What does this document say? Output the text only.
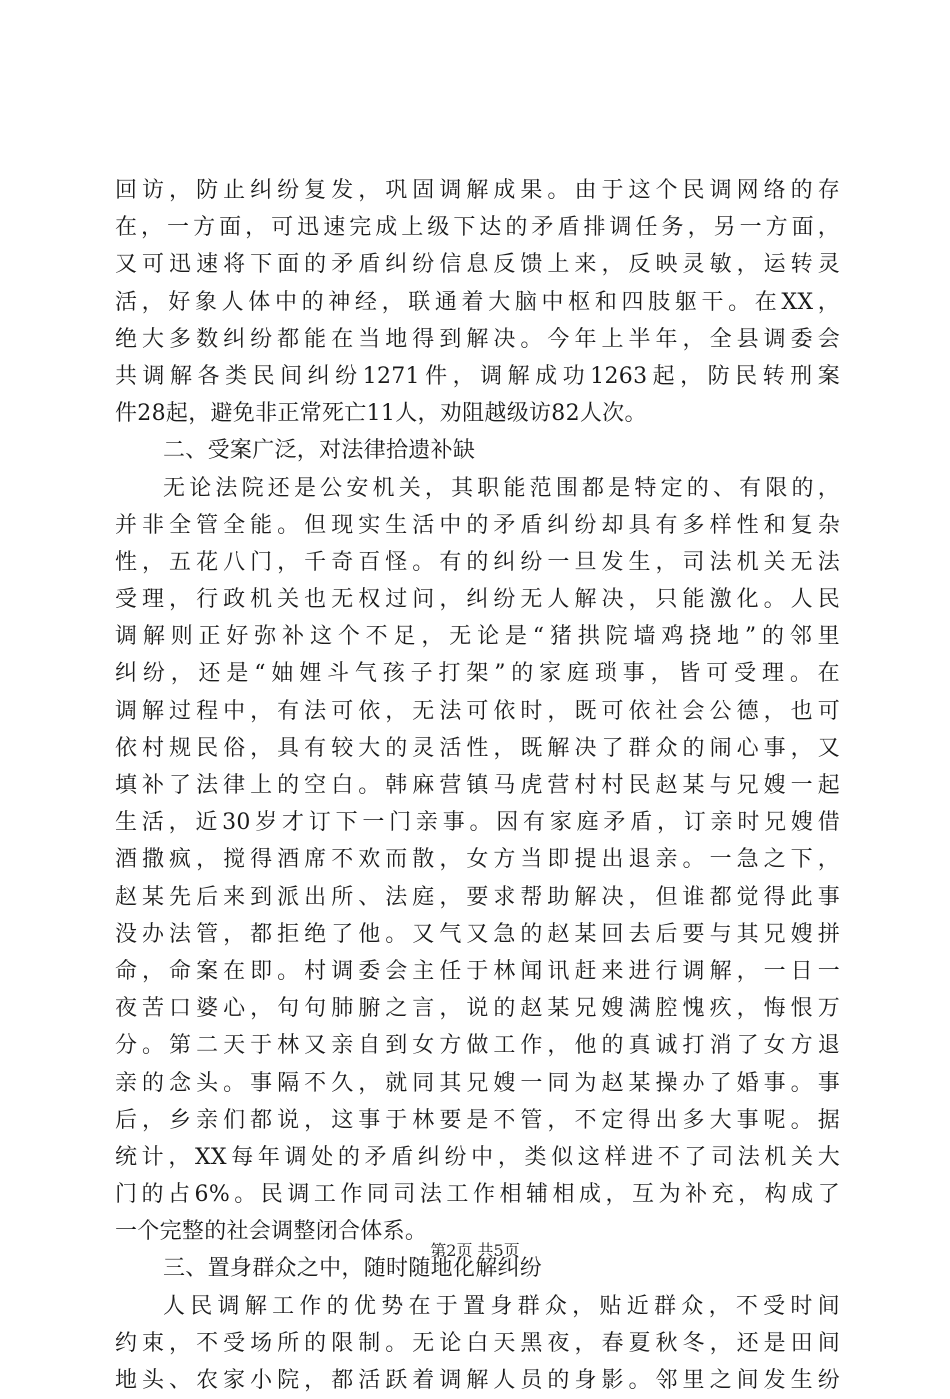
回访，防止纠纷复发，巩固调解成果。由于这个民调网络的存
在，一方面，可迅速完成上级下达的矛盾排调任务，另一方面，
又可迅速将下面的矛盾纠纷信息反馈上来，反映灵敏，运转灵
活，好象人体中的神经，联通着大脑中枢和四肢躯干。在XX，
绝大多数纠纷都能在当地得到解决。今年上半年，全县调委会
共调解各类民间纠纷1271件，调解成功1263起，防民转刑案
件28起，避免非正常死亡11人，劝阻越级访82人次。
二、受案广泛，对法律拾遗补缺
无论法院还是公安机关，其职能范围都是特定的、有限的，
并非全管全能。但现实生活中的矛盾纠纷却具有多样性和复杂
性，五花八门，千奇百怪。有的纠纷一旦发生，司法机关无法
受理，行政机关也无权过问，纠纷无人解决，只能激化。人民
调解则正好弥补这个不足，无论是“猪拱院墙鸡挠地”的邻里
纠纷，还是“妯娌斗气孩子打架”的家庭琐事，皆可受理。在
调解过程中，有法可依，无法可依时，既可依社会公德，也可
依村规民俗，具有较大的灵活性，既解决了群众的闹心事，又
填补了法律上的空白。韩麻营镇马虎营村村民赵某与兄嫂一起
生活，近30岁才订下一门亲事。因有家庭矛盾，订亲时兄嫂借
酒撒疯，搅得酒席不欢而散，女方当即提出退亲。一急之下，
赵某先后来到派出所、法庭，要求帮助解决，但谁都觉得此事
没办法管，都拒绝了他。又气又急的赵某回去后要与其兄嫂拼
命，命案在即。村调委会主任于林闻讯赶来进行调解，一日一
夜苦口婆心，句句肺腑之言，说的赵某兄嫂满腔愧疚，悔恨万
分。第二天于林又亲自到女方做工作，他的真诚打消了女方退
亲的念头。事隔不久，就同其兄嫂一同为赵某操办了婚事。事
后，乡亲们都说，这事于林要是不管，不定得出多大事呢。据
统计，XX每年调处的矛盾纠纷中，类似这样进不了司法机关大
门的占6%。民调工作同司法工作相辅相成，互为补充，构成了
一个完整的社会调整闭合体系。
三、置身群众之中，随时随地化解纠纷
人民调解工作的优势在于置身群众，贴近群众，不受时间
约束，不受场所的限制。无论白天黑夜，春夏秋冬，还是田间
地头、农家小院，都活跃着调解人员的身影。邻里之间发生纷
第2页 共5页
